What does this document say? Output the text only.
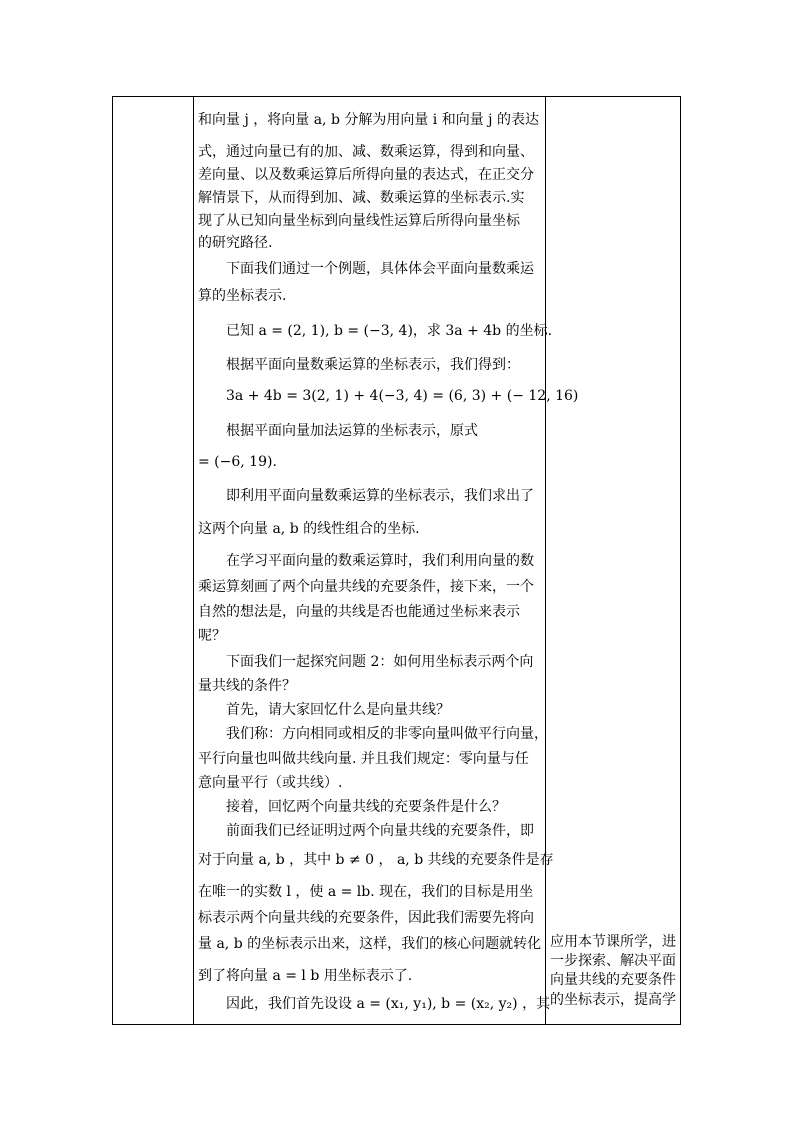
和向量 j ，将向量 a, b 分解为用向量 i 和向量 j 的表达
式，通过向量已有的加、减、数乘运算，得到和向量、
差向量、以及数乘运算后所得向量的表达式，在正交分
解情景下，从而得到加、减、数乘运算的坐标表示.实
现了从已知向量坐标到向量线性运算后所得向量坐标
的研究路径.
下面我们通过一个例题，具体体会平面向量数乘运
算的坐标表示.
已知 a = (2, 1), b = (−3, 4)，求 3a + 4b 的坐标.
根据平面向量数乘运算的坐标表示，我们得到：
3a + 4b = 3(2, 1) + 4(−3, 4) = (6, 3) + (− 12, 16)
根据平面向量加法运算的坐标表示，原式
= (−6, 19).
即利用平面向量数乘运算的坐标表示，我们求出了
这两个向量 a, b 的线性组合的坐标.
在学习平面向量的数乘运算时，我们利用向量的数
乘运算刻画了两个向量共线的充要条件，接下来，一个
自然的想法是，向量的共线是否也能通过坐标来表示
呢？
下面我们一起探究问题 2：如何用坐标表示两个向
量共线的条件？
首先，请大家回忆什么是向量共线？
我们称：方向相同或相反的非零向量叫做平行向量，
平行向量也叫做共线向量. 并且我们规定：零向量与任
意向量平行（或共线）.
接着，回忆两个向量共线的充要条件是什么？
前面我们已经证明过两个向量共线的充要条件，即
对于向量 a, b ，其中 b ≠ 0 ， a, b 共线的充要条件是存
在唯一的实数 l ，使 a = lb. 现在，我们的目标是用坐
标表示两个向量共线的充要条件，因此我们需要先将向
量 a, b 的坐标表示出来，这样，我们的核心问题就转化
到了将向量 a = l b 用坐标表示了.
因此，我们首先设设 a = (x₁, y₁), b = (x₂, y₂) ，其
应用本节课所学，进
一步探索、解决平面
向量共线的充要条件
的坐标表示，提高学
